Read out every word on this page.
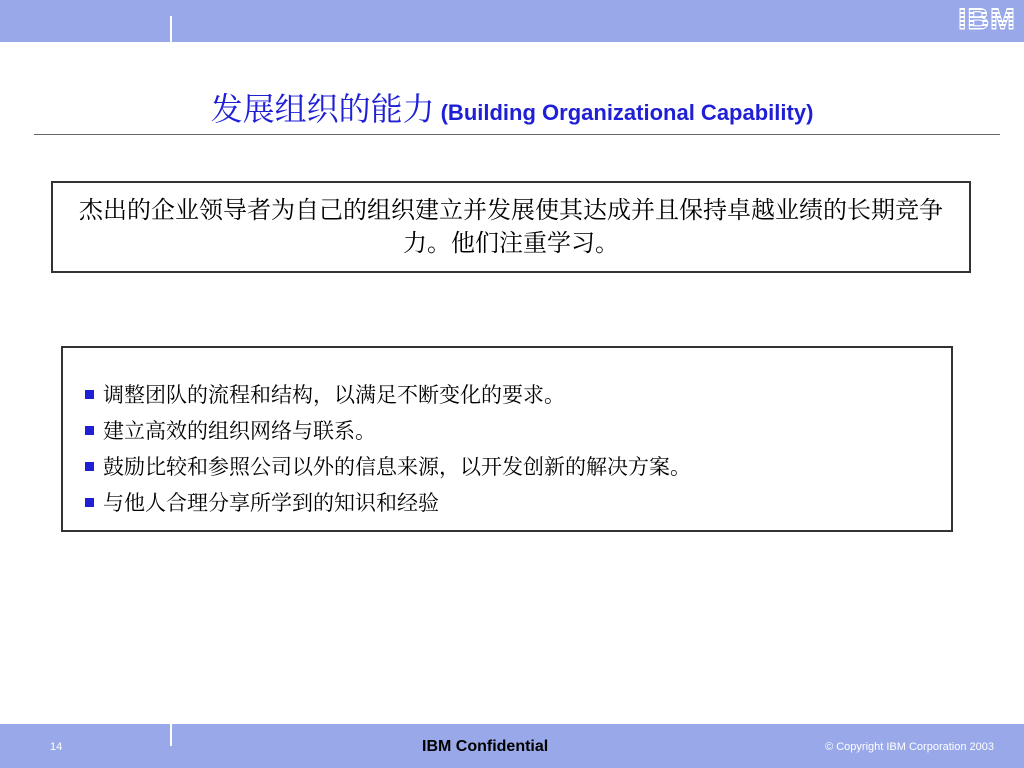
IBM
发展组织的能力 (Building Organizational Capability)
杰出的企业领导者为自己的组织建立并发展使其达成并且保持卓越业绩的长期竞争力。他们注重学习。
调整团队的流程和结构，以满足不断变化的要求。
建立高效的组织网络与联系。
鼓励比较和参照公司以外的信息来源，以开发创新的解决方案。
与他人合理分享所学到的知识和经验
14	IBM Confidential	© Copyright IBM Corporation 2003
